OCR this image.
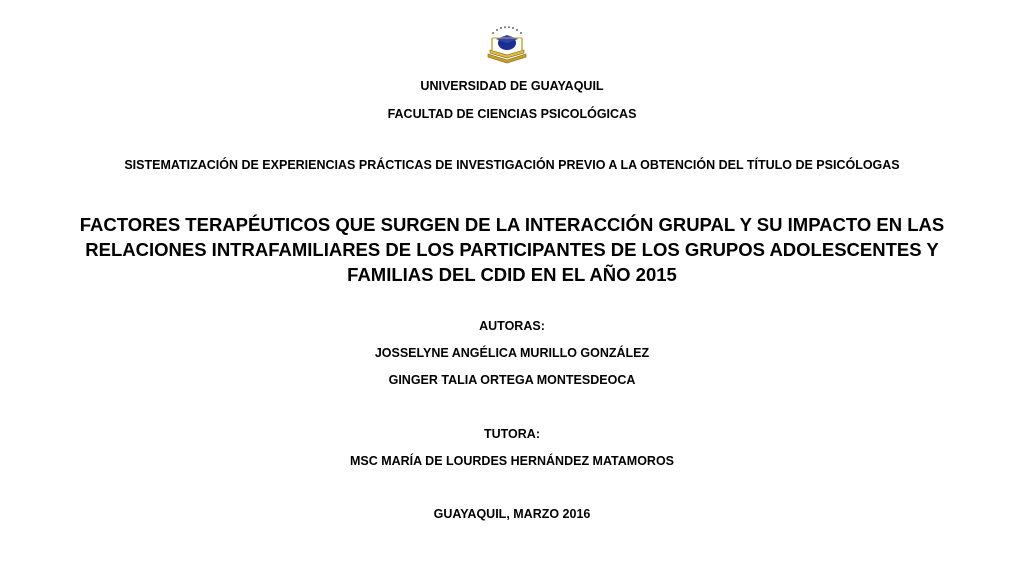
UNIVERSIDAD DE GUAYAQUIL
FACULTAD DE CIENCIAS PSICOLÓGICAS
SISTEMATIZACIÓN DE EXPERIENCIAS PRÁCTICAS DE INVESTIGACIÓN PREVIO A LA OBTENCIÓN DEL TÍTULO DE PSICÓLOGAS
FACTORES TERAPÉUTICOS QUE SURGEN DE LA INTERACCIÓN GRUPAL Y SU IMPACTO EN LAS
RELACIONES INTRAFAMILIARES DE LOS PARTICIPANTES DE LOS GRUPOS ADOLESCENTES Y
FAMILIAS DEL CDID EN EL AÑO 2015
AUTORAS:
JOSSELYNE ANGÉLICA MURILLO GONZÁLEZ
GINGER TALIA ORTEGA MONTESDEOCA
TUTORA:
MSC MARÍA DE LOURDES HERNÁNDEZ MATAMOROS
GUAYAQUIL, MARZO 2016
